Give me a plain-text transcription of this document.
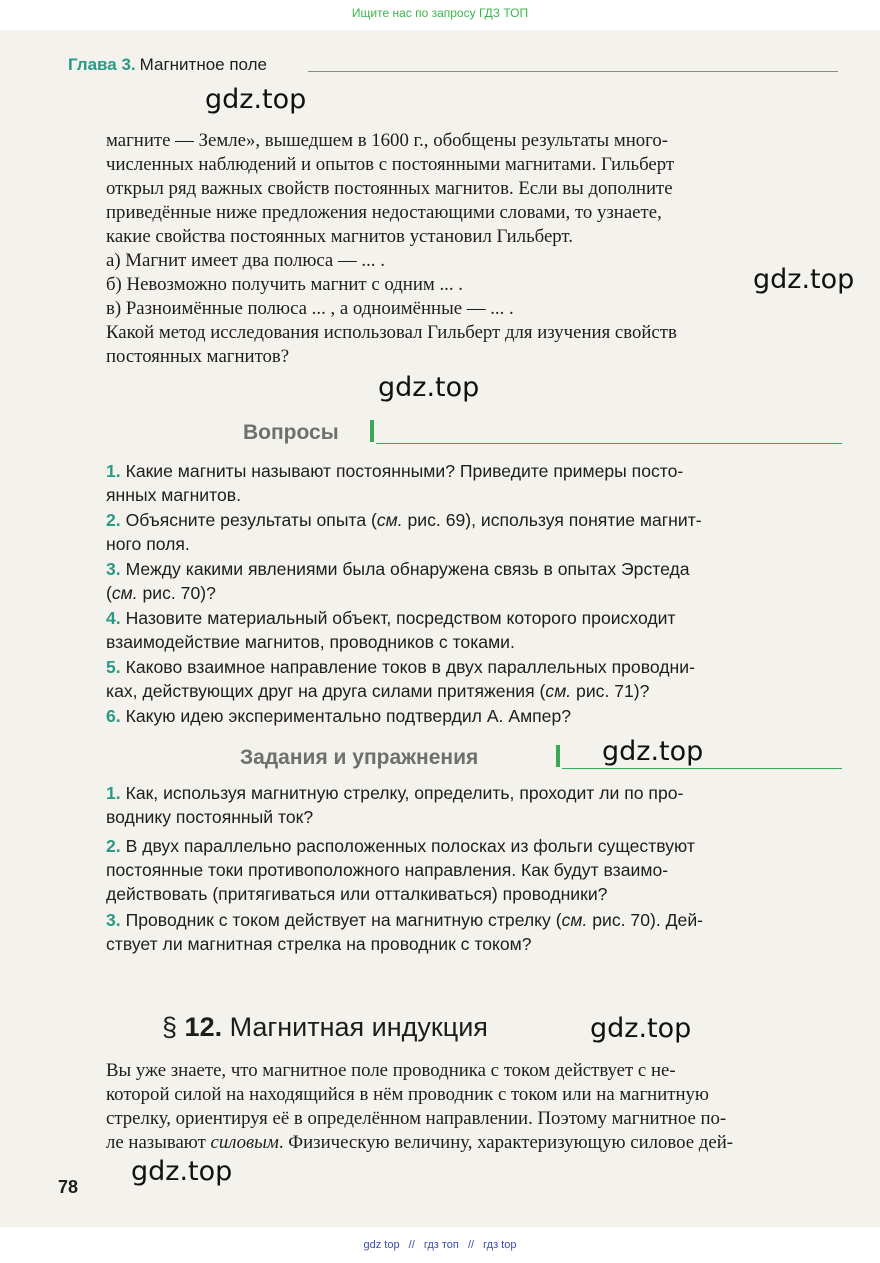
Ищите нас по запросу ГДЗ ТОП
Глава 3. Магнитное поле
gdz.top
gdz.top
gdz.top
gdz.top
gdz.top
gdz.top
магните — Земле», вышедшем в 1600 г., обобщены результаты много-
численных наблюдений и опытов с постоянными магнитами. Гильберт
открыл ряд важных свойств постоянных магнитов. Если вы дополните
приведённые ниже предложения недостающими словами, то узнаете,
какие свойства постоянных магнитов установил Гильберт.
а) Магнит имеет два полюса — ... .
б) Невозможно получить магнит с одним ... .
в) Разноимённые полюса ... , а одноимённые — ... .
Какой метод исследования использовал Гильберт для изучения свойств
постоянных магнитов?
Вопросы
1. Какие магниты называют постоянными? Приведите примеры посто-
янных магнитов.
2. Объясните результаты опыта (см. рис. 69), используя понятие магнит-
ного поля.
3. Между какими явлениями была обнаружена связь в опытах Эрстеда
(см. рис. 70)?
4. Назовите материальный объект, посредством которого происходит
взаимодействие магнитов, проводников с токами.
5. Каково взаимное направление токов в двух параллельных проводни-
ках, действующих друг на друга силами притяжения (см. рис. 71)?
6. Какую идею экспериментально подтвердил А. Ампер?
Задания и упражнения
1. Как, используя магнитную стрелку, определить, проходит ли по про-
воднику постоянный ток?
2. В двух параллельно расположенных полосках из фольги существуют
постоянные токи противоположного направления. Как будут взаимо-
действовать (притягиваться или отталкиваться) проводники?
3. Проводник с током действует на магнитную стрелку (см. рис. 70). Дей-
ствует ли магнитная стрелка на проводник с током?
§ 12. Магнитная индукция
Вы уже знаете, что магнитное поле проводника с током действует с не-
которой силой на находящийся в нём проводник с током или на магнитную
стрелку, ориентируя её в определённом направлении. Поэтому магнитное по-
ле называют силовым. Физическую величину, характеризующую силовое дей-
78
gdz top // гдз топ // гдз top
